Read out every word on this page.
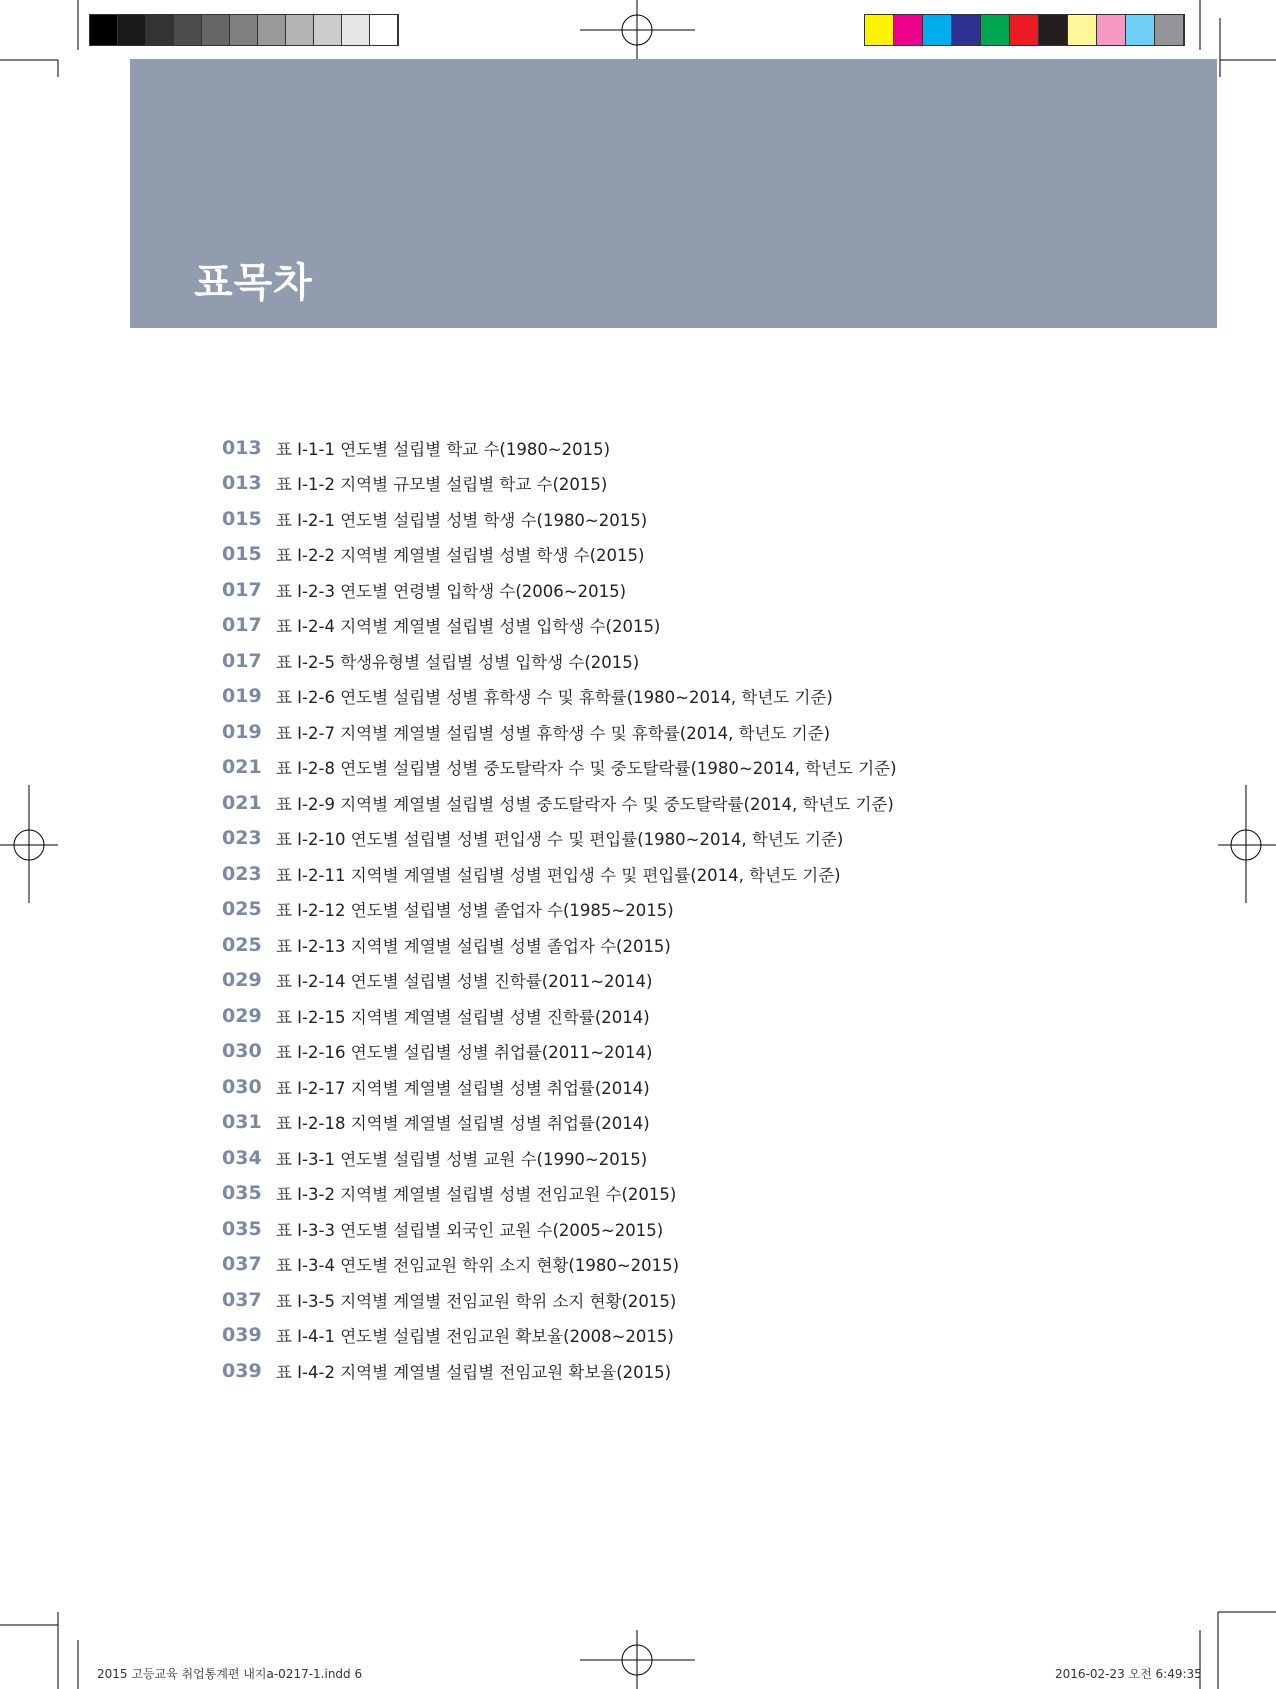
표목차
013 표 Ⅰ-1-1 연도별 설립별 학교 수(1980~2015)
013 표 Ⅰ-1-2 지역별 규모별 설립별 학교 수(2015)
015 표 Ⅰ-2-1 연도별 설립별 성별 학생 수(1980~2015)
015 표 Ⅰ-2-2 지역별 계열별 설립별 성별 학생 수(2015)
017 표 Ⅰ-2-3 연도별 연령별 입학생 수(2006~2015)
017 표 Ⅰ-2-4 지역별 계열별 설립별 성별 입학생 수(2015)
017 표 Ⅰ-2-5 학생유형별 설립별 성별 입학생 수(2015)
019 표 Ⅰ-2-6 연도별 설립별 성별 휴학생 수 및 휴학률(1980~2014, 학년도 기준)
019 표 Ⅰ-2-7 지역별 계열별 설립별 성별 휴학생 수 및 휴학률(2014, 학년도 기준)
021 표 Ⅰ-2-8 연도별 설립별 성별 중도탈락자 수 및 중도탈락률(1980~2014, 학년도 기준)
021 표 Ⅰ-2-9 지역별 계열별 설립별 성별 중도탈락자 수 및 중도탈락률(2014, 학년도 기준)
023 표 Ⅰ-2-10 연도별 설립별 성별 편입생 수 및 편입률(1980~2014, 학년도 기준)
023 표 Ⅰ-2-11 지역별 계열별 설립별 성별 편입생 수 및 편입률(2014, 학년도 기준)
025 표 Ⅰ-2-12 연도별 설립별 성별 졸업자 수(1985~2015)
025 표 Ⅰ-2-13 지역별 계열별 설립별 성별 졸업자 수(2015)
029 표 Ⅰ-2-14 연도별 설립별 성별 진학률(2011~2014)
029 표 Ⅰ-2-15 지역별 계열별 설립별 성별 진학률(2014)
030 표 Ⅰ-2-16 연도별 설립별 성별 취업률(2011~2014)
030 표 Ⅰ-2-17 지역별 계열별 설립별 성별 취업률(2014)
031 표 Ⅰ-2-18 지역별 계열별 설립별 성별 취업률(2014)
034 표 Ⅰ-3-1 연도별 설립별 성별 교원 수(1990~2015)
035 표 Ⅰ-3-2 지역별 계열별 설립별 성별 전임교원 수(2015)
035 표 Ⅰ-3-3 연도별 설립별 외국인 교원 수(2005~2015)
037 표 Ⅰ-3-4 연도별 전임교원 학위 소지 현황(1980~2015)
037 표 Ⅰ-3-5 지역별 계열별 전임교원 학위 소지 현황(2015)
039 표 Ⅰ-4-1 연도별 설립별 전임교원 확보율(2008~2015)
039 표 Ⅰ-4-2 지역별 계열별 설립별 전임교원 확보율(2015)
2015 고등교육 취업통계편 내지a-0217-1.indd 6	2016-02-23 오전 6:49:35
